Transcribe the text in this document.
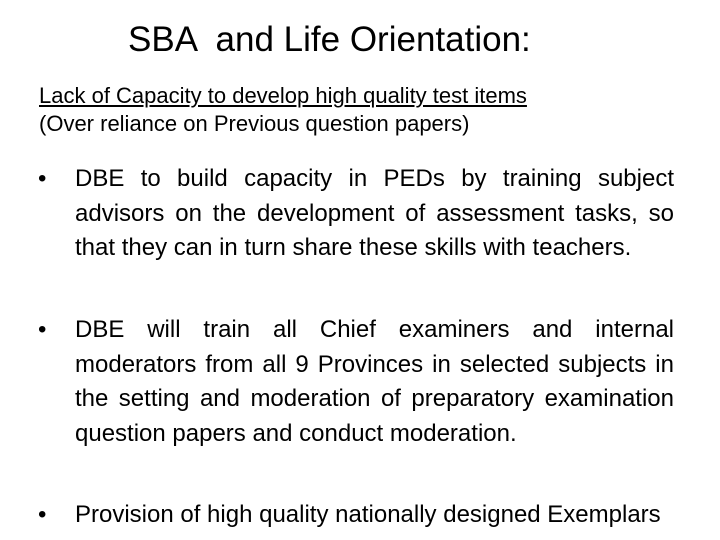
SBA  and Life Orientation:
Lack of Capacity to develop high quality test items
(Over reliance on Previous question papers)
•	DBE to build capacity in PEDs by training subject advisors on the development of assessment tasks, so that they can in turn share these skills with teachers.
•	DBE will train all Chief examiners and internal moderators from all 9 Provinces in selected subjects in the setting and moderation of preparatory examination question papers and conduct moderation.
•	Provision of high quality nationally designed Exemplars
